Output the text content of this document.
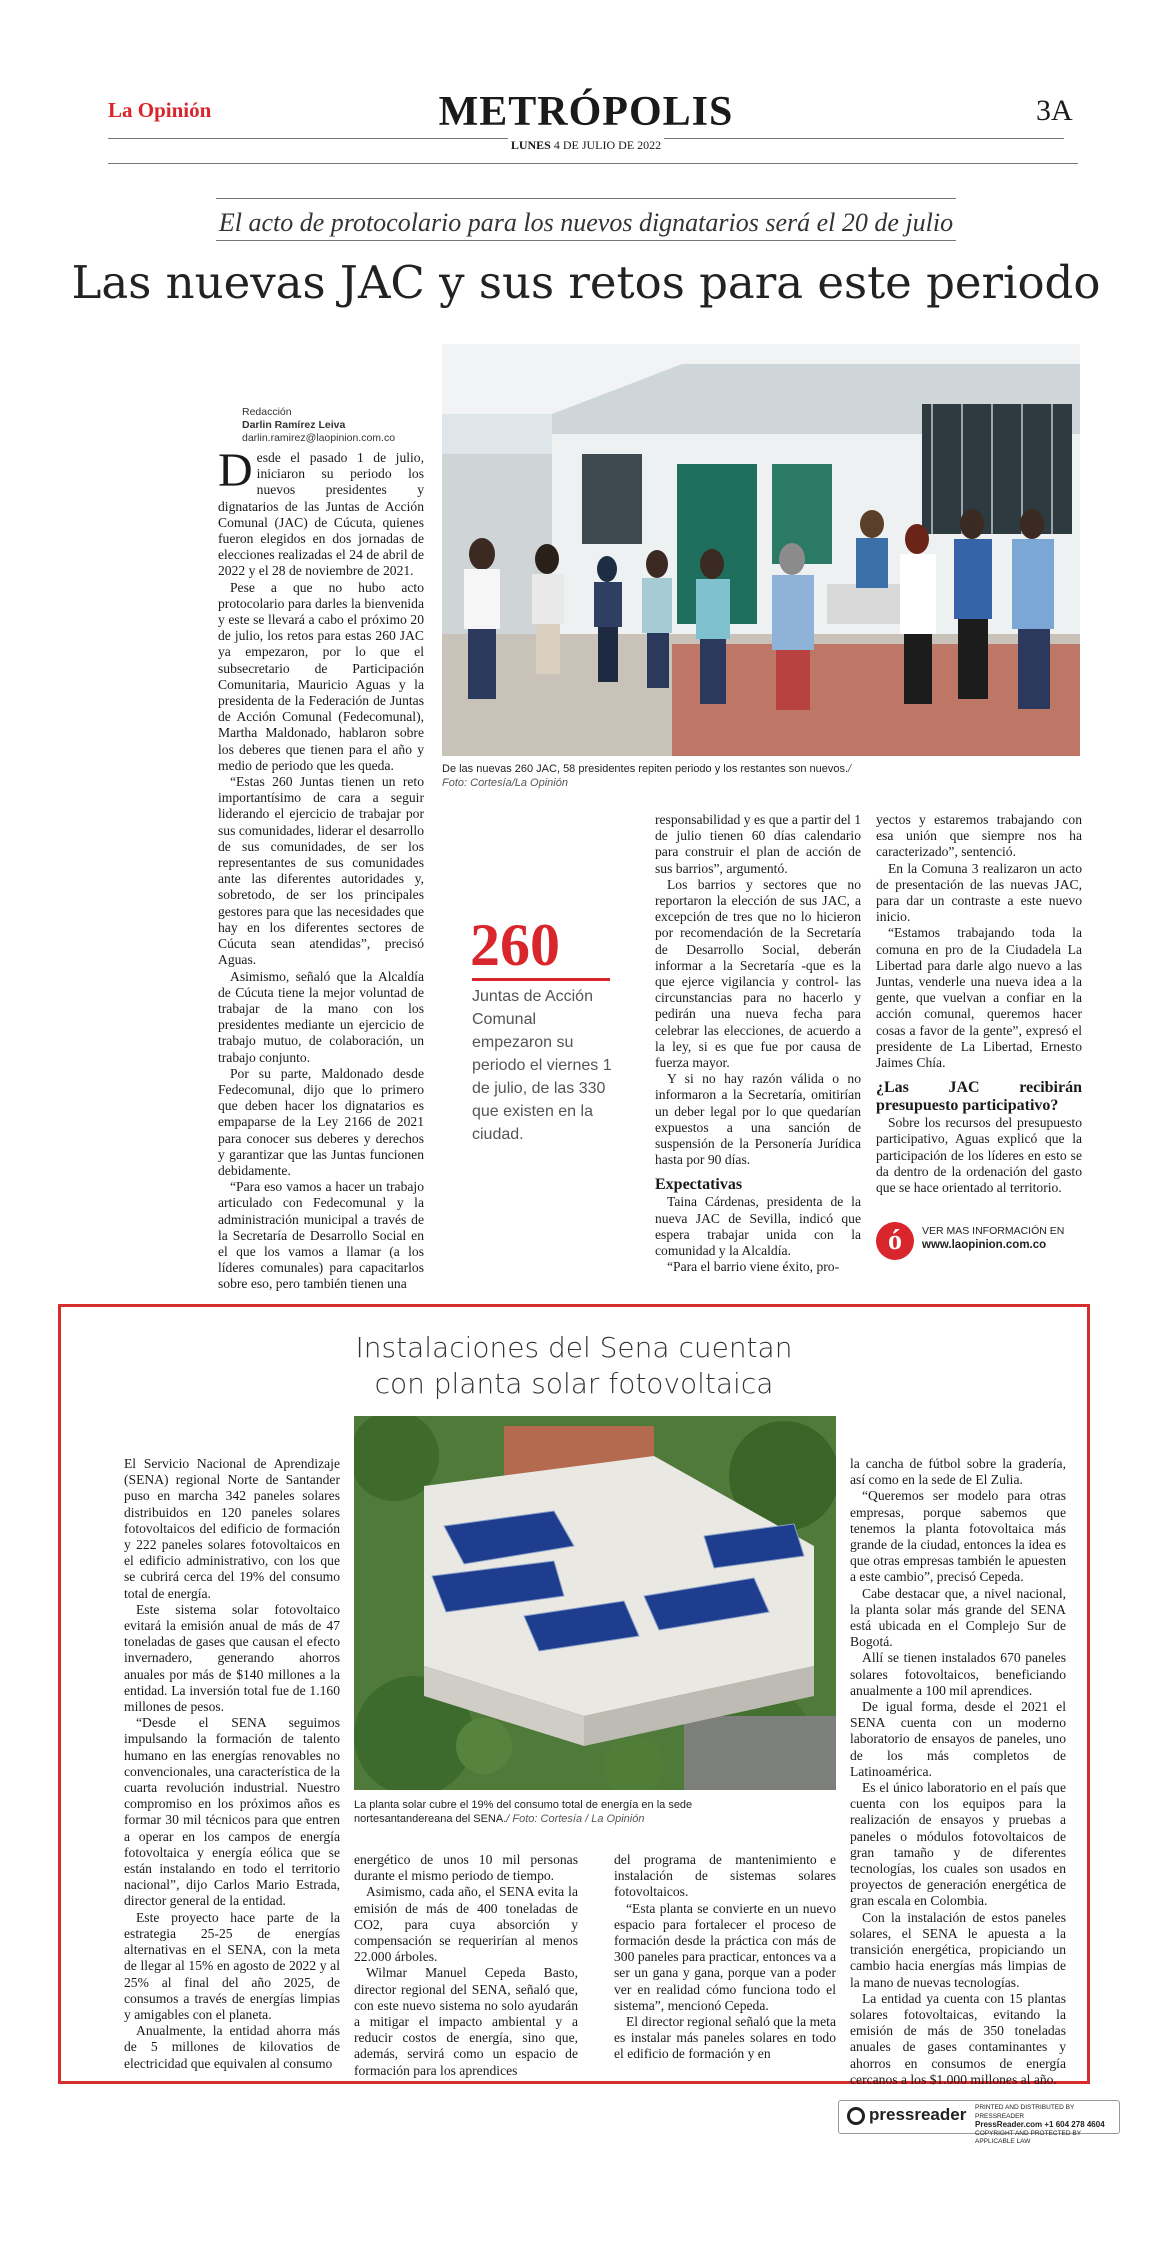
La Opinión	METRÓPOLIS
LUNES 4 DE JULIO DE 2022
3A
El acto de protocolario para los nuevos dignatarios será el 20 de julio
Las nuevas JAC y sus retos para este periodo
Redacción
Darlin Ramírez Leiva
darlin.ramirez@laopinion.com.co
D esde el pasado 1 de julio, iniciaron su periodo los nuevos presidentes y dignatarios de las Juntas de Acción Comunal (JAC) de Cúcuta, quienes fueron elegidos en dos jornadas de elecciones realizadas el 24 de abril de 2022 y el 28 de noviembre de 2021.

Pese a que no hubo acto protocolario para darles la bienvenida y este se llevará a cabo el próximo 20 de julio, los retos para estas 260 JAC ya empezaron, por lo que el subsecretario de Participación Comunitaria, Mauricio Aguas y la presidenta de la Federación de Juntas de Acción Comunal (Fedecomunal), Martha Maldonado, hablaron sobre los deberes que tienen para el año y medio de periodo que les queda.

“Estas 260 Juntas tienen un reto importantísimo de cara a seguir liderando el ejercicio de trabajar por sus comunidades, liderar el desarrollo de sus comunidades, de ser los representantes de sus comunidades ante las diferentes autoridades y, sobretodo, de ser los principales gestores para que las necesidades que hay en los diferentes sectores de Cúcuta sean atendidas”, precisó Aguas.

Asimismo, señaló que la Alcaldía de Cúcuta tiene la mejor voluntad de trabajar de la mano con los presidentes mediante un ejercicio de trabajo mutuo, de colaboración, un trabajo conjunto.

Por su parte, Maldonado desde Fedecomunal, dijo que lo primero que deben hacer los dignatarios es empaparse de la Ley 2166 de 2021 para conocer sus deberes y derechos y garantizar que las Juntas funcionen debidamente.

“Para eso vamos a hacer un trabajo articulado con Fedecomunal y la administración municipal a través de la Secretaría de Desarrollo Social en el que los vamos a llamar (a los líderes comunales) para capacitarlos sobre eso, pero también tienen una

De las nuevas 260 JAC, 58 presidentes repiten periodo y los restantes son nuevos./ Foto: Cortesía/La Opinión
260
Juntas de Acción Comunal empezaron su periodo el viernes 1 de julio, de las 330 que existen en la ciudad.

responsabilidad y es que a partir del 1 de julio tienen 60 días calendario para construir el plan de acción de sus barrios”, argumentó.

Los barrios y sectores que no reportaron la elección de sus JAC, a excepción de tres que no lo hicieron por recomendación de la Secretaría de Desarrollo Social, deberán informar a la Secretaría -que es la que ejerce vigilancia y control- las circunstancias para no hacerlo y pedirán una nueva fecha para celebrar las elecciones, de acuerdo a la ley, si es que fue por causa de fuerza mayor.

Y si no hay razón válida o no informaron a la Secretaría, omitirían un deber legal por lo que quedarían expuestos a una sanción de suspensión de la Personería Jurídica hasta por 90 días.

Expectativas

Taina Cárdenas, presidenta de la nueva JAC de Sevilla, indicó que espera trabajar unida con la comunidad y la Alcaldía.

“Para el barrio viene éxito, pro-

yectos y estaremos trabajando con esa unión que siempre nos ha caracterizado”, sentenció.

En la Comuna 3 realizaron un acto de presentación de las nuevas JAC, para dar un contraste a este nuevo inicio.

“Estamos trabajando toda la comuna en pro de la Ciudadela La Libertad para darle algo nuevo a las Juntas, venderle una nueva idea a la gente, que vuelvan a confiar en la acción comunal, queremos hacer cosas a favor de la gente”, expresó el presidente de La Libertad, Ernesto Jaimes Chía.

¿Las JAC recibirán presupuesto participativo?

Sobre los recursos del presupuesto participativo, Aguas explicó que la participación de los líderes en esto se da dentro de la ordenación del gasto que se hace orientado al territorio.

ó	VER MAS INFORMACIÓN EN
www.laopinion.com.co
Instalaciones del Sena cuentan
con planta solar fotovoltaica
La planta solar cubre el 19% del consumo total de energía en la sede nortesantandereana del SENA./ Foto: Cortesía / La Opinión

El Servicio Nacional de Aprendizaje (SENA) regional Norte de Santander puso en marcha 342 paneles solares distribuidos en 120 paneles solares fotovoltaicos del edificio de formación y 222 paneles solares fotovoltaicos en el edificio administrativo, con los que se cubrirá cerca del 19% del consumo total de energía.

Este sistema solar fotovoltaico evitará la emisión anual de más de 47 toneladas de gases que causan el efecto invernadero, generando ahorros anuales por más de $140 millones a la entidad. La inversión total fue de 1.160 millones de pesos.

“Desde el SENA seguimos impulsando la formación de talento humano en las energías renovables no convencionales, una característica de la cuarta revolución industrial. Nuestro compromiso en los próximos años es formar 30 mil técnicos para que entren a operar en los campos de energía fotovoltaica y energía eólica que se están instalando en todo el territorio nacional”, dijo Carlos Mario Estrada, director general de la entidad.

Este proyecto hace parte de la estrategia 25-25 de energías alternativas en el SENA, con la meta de llegar al 15% en agosto de 2022 y al 25% al final del año 2025, de consumos a través de energías limpias y amigables con el planeta.

Anualmente, la entidad ahorra más de 5 millones de kilovatios de electricidad que equivalen al consumo

energético de unos 10 mil personas durante el mismo periodo de tiempo.

Asimismo, cada año, el SENA evita la emisión de más de 400 toneladas de CO2, para cuya absorción y compensación se requerirían al menos 22.000 árboles.

Wilmar Manuel Cepeda Basto, director regional del SENA, señaló que, con este nuevo sistema no solo ayudarán a mitigar el impacto ambiental y a reducir costos de energía, sino que, además, servirá como un espacio de formación para los aprendices

del programa de mantenimiento e instalación de sistemas solares fotovoltaicos.

“Esta planta se convierte en un nuevo espacio para fortalecer el proceso de formación desde la práctica con más de 300 paneles para practicar, entonces va a ser un gana y gana, porque van a poder ver en realidad cómo funciona todo el sistema”, mencionó Cepeda.

El director regional señaló que la meta es instalar más paneles solares en todo el edificio de formación y en

la cancha de fútbol sobre la gradería, así como en la sede de El Zulia.

“Queremos ser modelo para otras empresas, porque sabemos que tenemos la planta fotovoltaica más grande de la ciudad, entonces la idea es que otras empresas también le apuesten a este cambio”, precisó Cepeda.

Cabe destacar que, a nivel nacional, la planta solar más grande del SENA está ubicada en el Complejo Sur de Bogotá.

Allí se tienen instalados 670 paneles solares fotovoltaicos, beneficiando anualmente a 100 mil aprendices.

De igual forma, desde el 2021 el SENA cuenta con un moderno laboratorio de ensayos de paneles, uno de los más completos de Latinoamérica.

Es el único laboratorio en el país que cuenta con los equipos para la realización de ensayos y pruebas a paneles o módulos fotovoltaicos de gran tamaño y de diferentes tecnologías, los cuales son usados en proyectos de generación energética de gran escala en Colombia.

Con la instalación de estos paneles solares, el SENA le apuesta a la transición energética, propiciando un cambio hacia energías más limpias de la mano de nuevas tecnologías.

La entidad ya cuenta con 15 plantas solares fotovoltaicas, evitando la emisión de más de 350 toneladas anuales de gases contaminantes y ahorros en consumos de energía cercanos a los $1.000 millones al año.

pressreader PRINTED AND DISTRIBUTED BY PRESSREADER
PressReader.com +1 604 278 4604
COPYRIGHT AND PROTECTED BY APPLICABLE LAW
